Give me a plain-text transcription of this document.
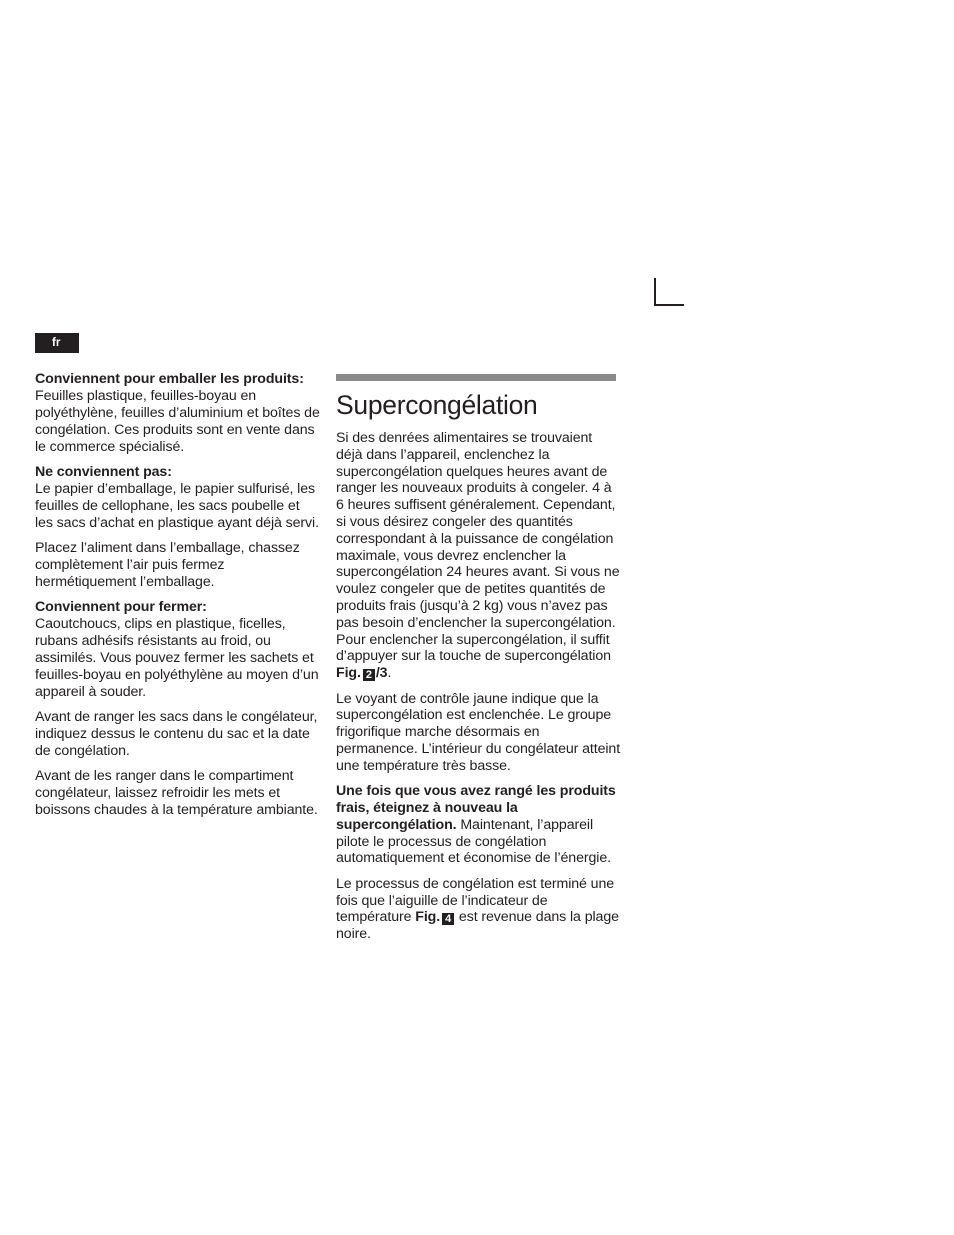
fr
Conviennent pour emballer les produits:

Feuilles plastique, feuilles-boyau en polyéthylène, feuilles d’aluminium et boîtes de congélation. Ces produits sont en vente dans le commerce spécialisé.

Ne conviennent pas:

Le papier d’emballage, le papier sulfurisé, les feuilles de cellophane, les sacs poubelle et les sacs d’achat en plastique ayant déjà servi.

Placez l’aliment dans l’emballage, chassez complètement l’air puis fermez hermétiquement l’emballage.

Conviennent pour fermer:

Caoutchoucs, clips en plastique, ficelles, rubans adhésifs résistants au froid, ou assimilés. Vous pouvez fermer les sachets et feuilles-boyau en polyéthylène au moyen d’un appareil à souder.

Avant de ranger les sacs dans le congélateur, indiquez dessus le contenu du sac et la date de congélation.

Avant de les ranger dans le compartiment congélateur, laissez refroidir les mets et boissons chaudes à la température ambiante.

Supercongélation

Si des denrées alimentaires se trouvaient déjà dans l’appareil, enclenchez la supercongélation quelques heures avant de ranger les nouveaux produits à congeler. 4 à 6 heures suffisent généralement. Cependant, si vous désirez congeler des quantités correspondant à la puissance de congélation maximale, vous devrez enclencher la supercongélation 24 heures avant. Si vous ne voulez congeler que de petites quantités de produits frais (jusqu’à 2 kg) vous n’avez pas pas besoin d’enclencher la supercongélation. Pour enclencher la supercongélation, il suffit d’appuyer sur la touche de supercongélation Fig. 2 /3.

Le voyant de contrôle jaune indique que la supercongélation est enclenchée. Le groupe frigorifique marche désormais en permanence. L’intérieur du congélateur atteint une température très basse.

Une fois que vous avez rangé les produits frais, éteignez à nouveau la supercongélation. Maintenant, l’appareil pilote le processus de congélation automatiquement et économise de l’énergie.

Le processus de congélation est terminé une fois que l’aiguille de l’indicateur de température Fig. 4 est revenue dans la plage noire.
